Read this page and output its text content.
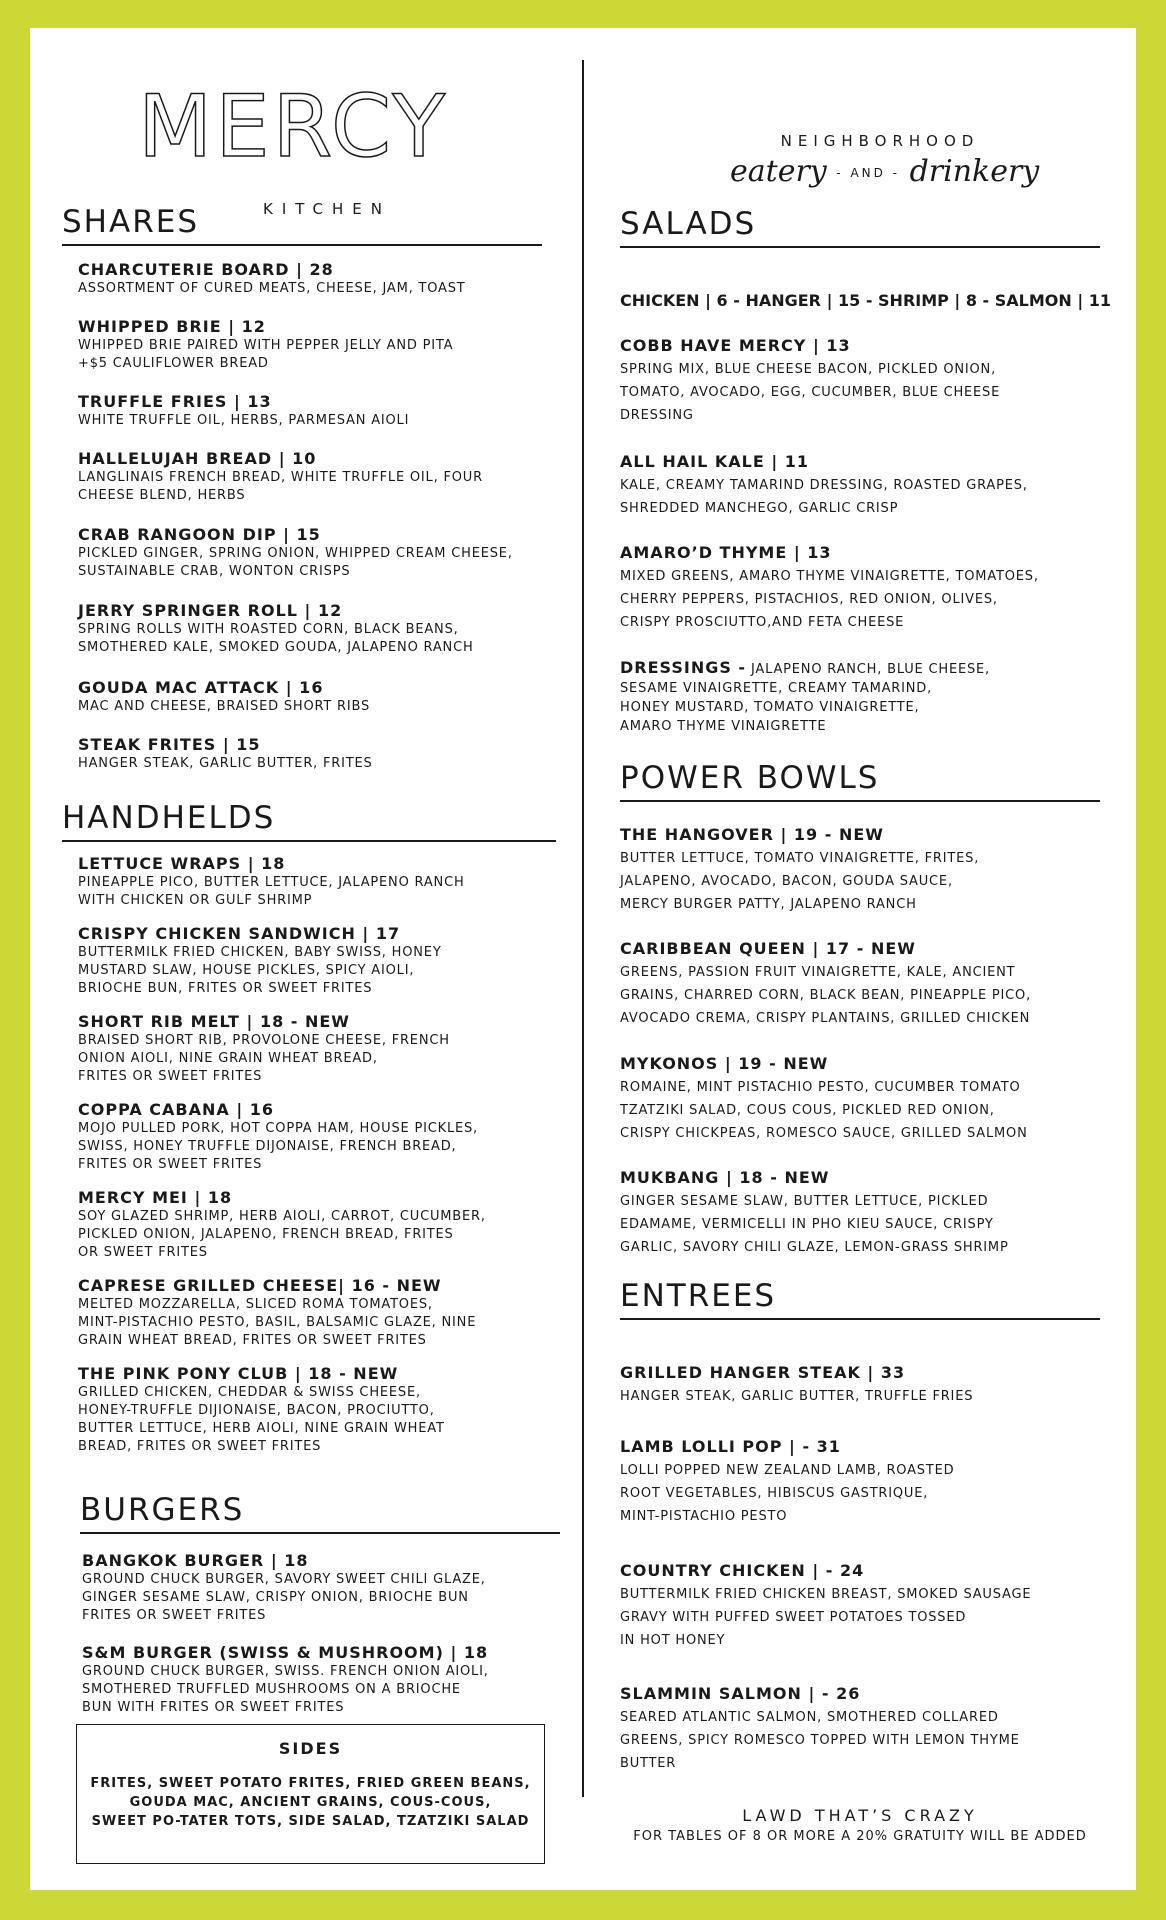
MERCY
KITCHEN
NEIGHBORHOOD
eatery - AND - drinkery
SHARES
CHARCUTERIE BOARD | 28
ASSORTMENT OF CURED MEATS, CHEESE, JAM, TOAST
WHIPPED BRIE | 12
WHIPPED BRIE PAIRED WITH PEPPER JELLY AND PITA
+$5 CAULIFLOWER BREAD
TRUFFLE FRIES | 13
WHITE TRUFFLE OIL, HERBS, PARMESAN AIOLI
HALLELUJAH BREAD | 10
LANGLINAIS FRENCH BREAD, WHITE TRUFFLE OIL, FOUR
CHEESE BLEND, HERBS
CRAB RANGOON DIP | 15
PICKLED GINGER, SPRING ONION, WHIPPED CREAM CHEESE,
SUSTAINABLE CRAB, WONTON CRISPS
JERRY SPRINGER ROLL | 12
SPRING ROLLS WITH ROASTED CORN, BLACK BEANS,
SMOTHERED KALE, SMOKED GOUDA, JALAPENO RANCH
GOUDA MAC ATTACK | 16
MAC AND CHEESE, BRAISED SHORT RIBS
STEAK FRITES | 15
HANGER STEAK, GARLIC BUTTER, FRITES
HANDHELDS
LETTUCE WRAPS | 18
PINEAPPLE PICO, BUTTER LETTUCE, JALAPENO RANCH
WITH CHICKEN OR GULF SHRIMP
CRISPY CHICKEN SANDWICH | 17
BUTTERMILK FRIED CHICKEN, BABY SWISS, HONEY
MUSTARD SLAW, HOUSE PICKLES, SPICY AIOLI,
BRIOCHE BUN, FRITES OR SWEET FRITES
SHORT RIB MELT | 18 - NEW
BRAISED SHORT RIB, PROVOLONE CHEESE, FRENCH
ONION AIOLI, NINE GRAIN WHEAT BREAD,
FRITES OR SWEET FRITES
COPPA CABANA | 16
MOJO PULLED PORK, HOT COPPA HAM, HOUSE PICKLES,
SWISS, HONEY TRUFFLE DIJONAISE, FRENCH BREAD,
FRITES OR SWEET FRITES
MERCY MEI | 18
SOY GLAZED SHRIMP, HERB AIOLI, CARROT, CUCUMBER,
PICKLED ONION, JALAPENO, FRENCH BREAD, FRITES
OR SWEET FRITES
CAPRESE GRILLED CHEESE| 16 - NEW
MELTED MOZZARELLA, SLICED ROMA TOMATOES,
MINT-PISTACHIO PESTO, BASIL, BALSAMIC GLAZE, NINE
GRAIN WHEAT BREAD, FRITES OR SWEET FRITES
THE PINK PONY CLUB | 18 - NEW
GRILLED CHICKEN, CHEDDAR & SWISS CHEESE,
HONEY-TRUFFLE DIJIONAISE, BACON, PROCIUTTO,
BUTTER LETTUCE, HERB AIOLI, NINE GRAIN WHEAT
BREAD, FRITES OR SWEET FRITES
BURGERS
BANGKOK BURGER | 18
GROUND CHUCK BURGER, SAVORY SWEET CHILI GLAZE,
GINGER SESAME SLAW, CRISPY ONION, BRIOCHE BUN
FRITES OR SWEET FRITES
S&M BURGER (SWISS & MUSHROOM) | 18
GROUND CHUCK BURGER, SWISS. FRENCH ONION AIOLI,
SMOTHERED TRUFFLED MUSHROOMS ON A BRIOCHE
BUN WITH FRITES OR SWEET FRITES
SIDES
FRITES, SWEET POTATO FRITES, FRIED GREEN BEANS,
GOUDA MAC, ANCIENT GRAINS, COUS-COUS,
SWEET PO-TATER TOTS, SIDE SALAD, TZATZIKI SALAD
SALADS
CHICKEN | 6 - HANGER | 15 - SHRIMP | 8 - SALMON | 11
COBB HAVE MERCY | 13
SPRING MIX, BLUE CHEESE BACON, PICKLED ONION,
TOMATO, AVOCADO, EGG, CUCUMBER, BLUE CHEESE
DRESSING
ALL HAIL KALE | 11
KALE, CREAMY TAMARIND DRESSING, ROASTED GRAPES,
SHREDDED MANCHEGO, GARLIC CRISP
AMARO’D THYME | 13
MIXED GREENS, AMARO THYME VINAIGRETTE, TOMATOES,
CHERRY PEPPERS, PISTACHIOS, RED ONION, OLIVES,
CRISPY PROSCIUTTO,AND FETA CHEESE
DRESSINGS - JALAPENO RANCH, BLUE CHEESE,
SESAME VINAIGRETTE, CREAMY TAMARIND,
HONEY MUSTARD, TOMATO VINAIGRETTE,
AMARO THYME VINAIGRETTE
POWER BOWLS
THE HANGOVER | 19 - NEW
BUTTER LETTUCE, TOMATO VINAIGRETTE, FRITES,
JALAPENO, AVOCADO, BACON, GOUDA SAUCE,
MERCY BURGER PATTY, JALAPENO RANCH
CARIBBEAN QUEEN | 17 - NEW
GREENS, PASSION FRUIT VINAIGRETTE, KALE, ANCIENT
GRAINS, CHARRED CORN, BLACK BEAN, PINEAPPLE PICO,
AVOCADO CREMA, CRISPY PLANTAINS, GRILLED CHICKEN
MYKONOS | 19 - NEW
ROMAINE, MINT PISTACHIO PESTO, CUCUMBER TOMATO
TZATZIKI SALAD, COUS COUS, PICKLED RED ONION,
CRISPY CHICKPEAS, ROMESCO SAUCE, GRILLED SALMON
MUKBANG | 18 - NEW
GINGER SESAME SLAW, BUTTER LETTUCE, PICKLED
EDAMAME, VERMICELLI IN PHO KIEU SAUCE, CRISPY
GARLIC, SAVORY CHILI GLAZE, LEMON-GRASS SHRIMP
ENTREES
GRILLED HANGER STEAK | 33
HANGER STEAK, GARLIC BUTTER, TRUFFLE FRIES
LAMB LOLLI POP | - 31
LOLLI POPPED NEW ZEALAND LAMB, ROASTED
ROOT VEGETABLES, HIBISCUS GASTRIQUE,
MINT-PISTACHIO PESTO
COUNTRY CHICKEN | - 24
BUTTERMILK FRIED CHICKEN BREAST, SMOKED SAUSAGE
GRAVY WITH PUFFED SWEET POTATOES TOSSED
IN HOT HONEY
SLAMMIN SALMON | - 26
SEARED ATLANTIC SALMON, SMOTHERED COLLARED
GREENS, SPICY ROMESCO TOPPED WITH LEMON THYME
BUTTER
LAWD THAT’S CRAZY
FOR TABLES OF 8 OR MORE A 20% GRATUITY WILL BE ADDED
